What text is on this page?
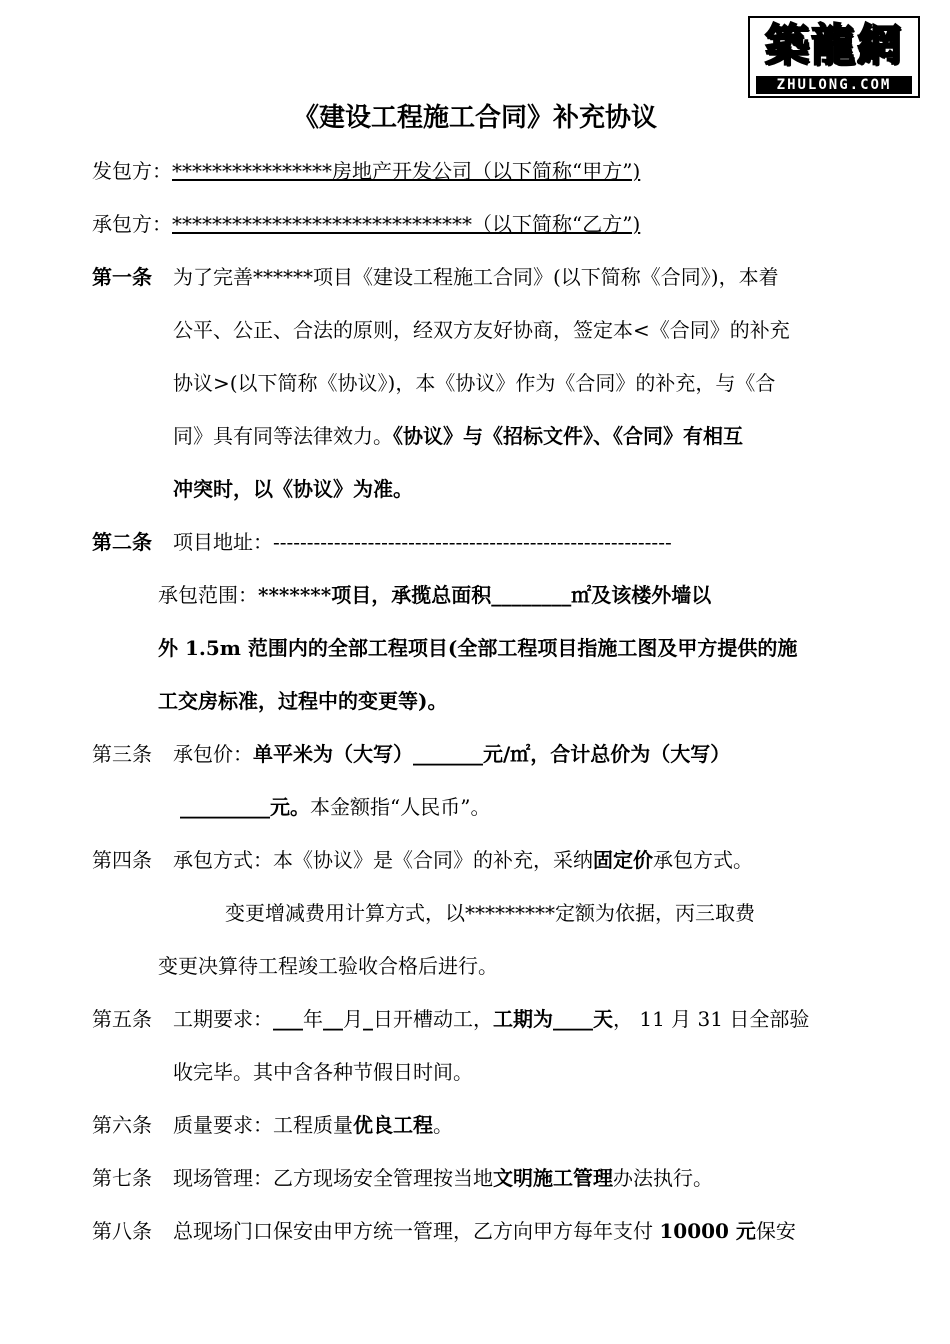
築龍網
ZHULONG.COM
《建设工程施工合同》补充协议
发包方：****************房地产开发公司（以下简称“甲方”)
承包方：******************************（以下简称“乙方”)
第一条 为了完善******项目《建设工程施工合同》(以下简称《合同》)，本着
公平、公正、合法的原则，经双方友好协商，签定本<《合同》的补充
协议>(以下简称《协议》)，本《协议》作为《合同》的补充，与《合
同》具有同等法律效力。《协议》与《招标文件》、《合同》有相互
冲突时，以《协议》为准。
第二条 项目地址：-----------------------------------------------------------
承包范围：*******项目，承揽总面积________㎡及该楼外墙以
外 1.5m 范围内的全部工程项目(全部工程项目指施工图及甲方提供的施
工交房标准，过程中的变更等)。
第三条 承包价：单平米为（大写）_______元/㎡，合计总价为（大写）
_________元。本金额指“人民币”。
第四条 承包方式：本《协议》是《合同》的补充，采纳固定价承包方式。
变更增减费用计算方式，以*********定额为依据，丙三取费
变更决算待工程竣工验收合格后进行。
第五条 工期要求：___年__月_日开槽动工，工期为____天， 11 月 31 日全部验
收完毕。其中含各种节假日时间。
第六条 质量要求：工程质量优良工程。
第七条 现场管理：乙方现场安全管理按当地文明施工管理办法执行。
第八条 总现场门口保安由甲方统一管理，乙方向甲方每年支付 10000 元保安
